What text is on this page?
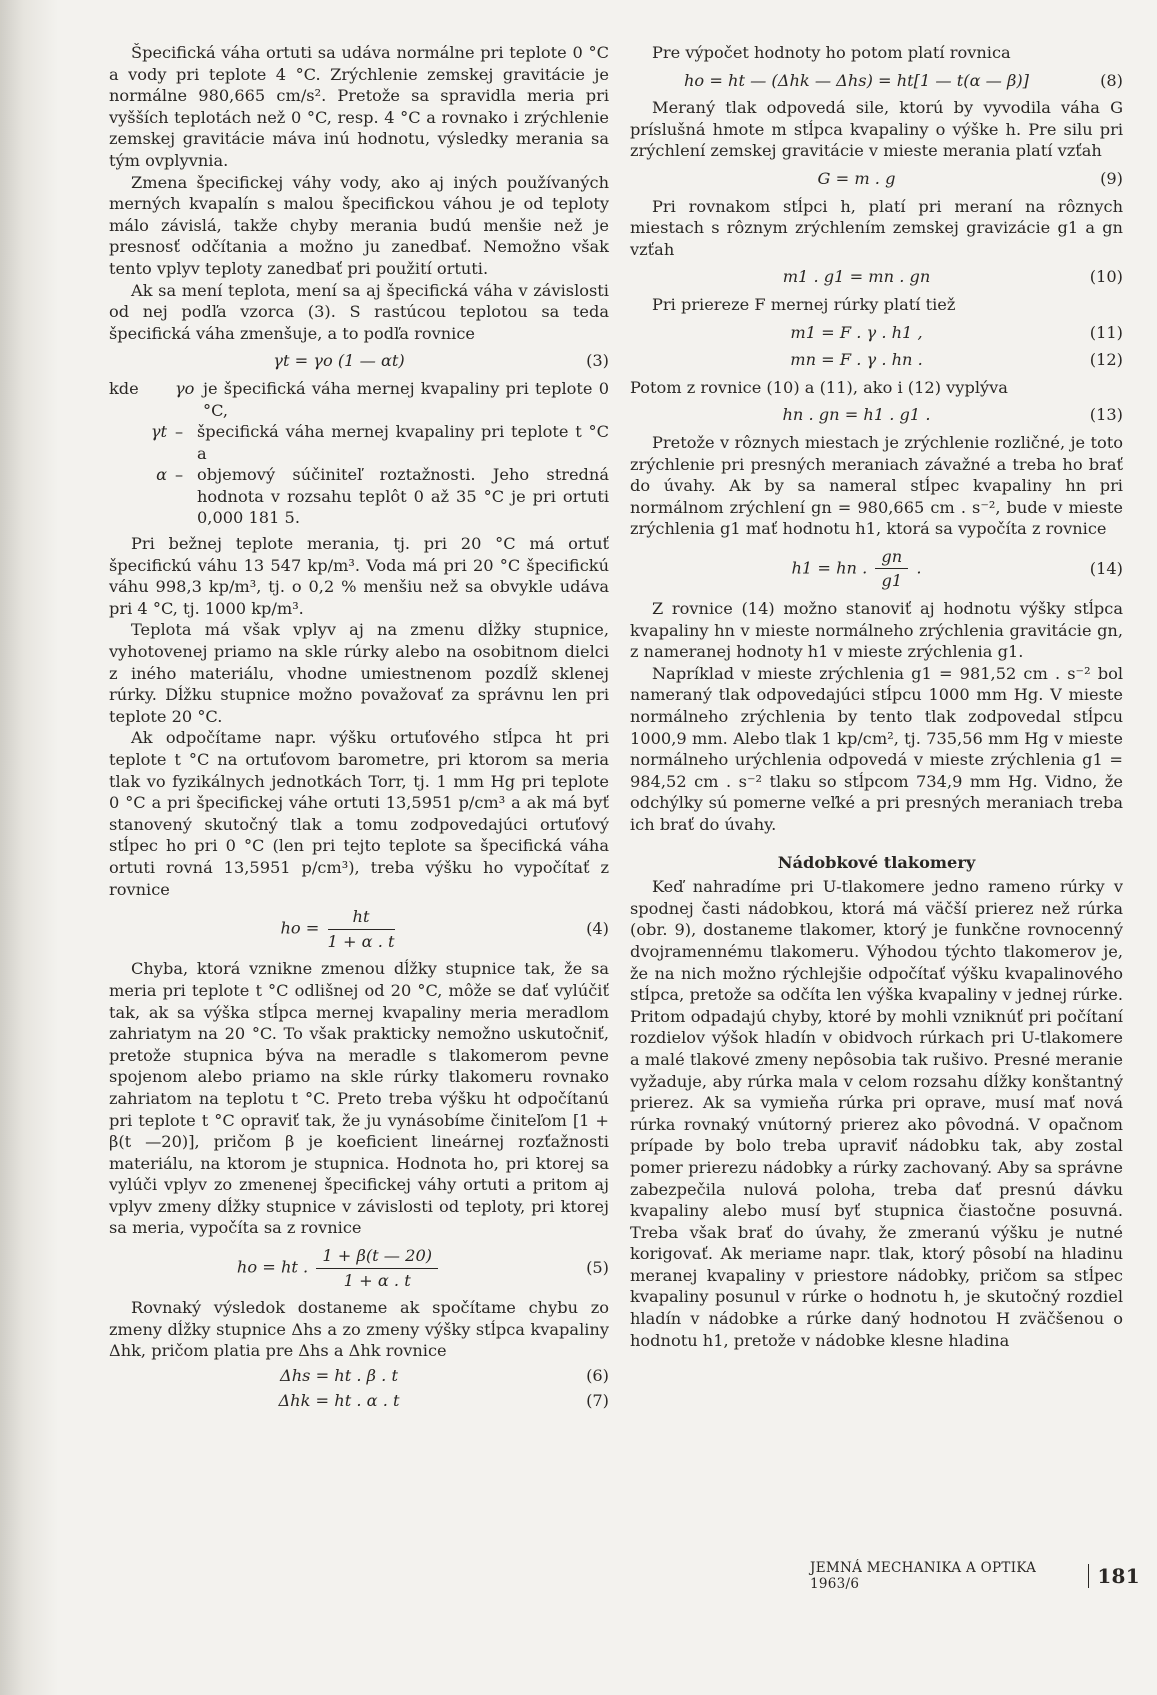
Špecifická váha ortuti sa udáva normálne pri teplote 0 °C a vody pri teplote 4 °C. Zrýchlenie zemskej gravitácie je normálne 980,665 cm/s². Pretože sa spravidla meria pri vyšších teplotách než 0 °C, resp. 4 °C a rovnako i zrýchlenie zemskej gravitácie máva inú hodnotu, výsledky merania sa tým ovplyvnia.

Zmena špecifickej váhy vody, ako aj iných používaných merných kvapalín s malou špecifickou váhou je od teploty málo závislá, takže chyby merania budú menšie než je presnosť odčítania a možno ju zanedbať. Nemožno však tento vplyv teploty zanedbať pri použití ortuti.

Ak sa mení teplota, mení sa aj špecifická váha v závislosti od nej podľa vzorca (3). S rastúcou teplotou sa teda špecifická váha zmenšuje, a to podľa rovnice

γt = γo (1 — αt)	(3)
kde	γo je špecifická váha mernej kvapaliny pri teplote 0 °C,
γt – špecifická váha mernej kvapaliny pri teplote t °C a
α – objemový súčiniteľ roztažnosti. Jeho stredná hodnota v rozsahu teplôt 0 až 35 °C je pri ortuti 0,000 181 5.

Pri bežnej teplote merania, tj. pri 20 °C má ortuť špecifickú váhu 13 547 kp/m³. Voda má pri 20 °C špecifickú váhu 998,3 kp/m³, tj. o 0,2 % menšiu než sa obvykle udáva pri 4 °C, tj. 1000 kp/m³.

Teplota má však vplyv aj na zmenu dĺžky stupnice, vyhotovenej priamo na skle rúrky alebo na osobitnom dielci z iného materiálu, vhodne umiestnenom pozdĺž sklenej rúrky. Dĺžku stupnice možno považovať za správnu len pri teplote 20 °C.

Ak odpočítame napr. výšku ortuťového stĺpca ht pri teplote t °C na ortuťovom barometre, pri ktorom sa meria tlak vo fyzikálnych jednotkách Torr, tj. 1 mm Hg pri teplote 0 °C a pri špecifickej váhe ortuti 13,5951 p/cm³ a ak má byť stanovený skutočný tlak a tomu zodpovedajúci ortuťový stĺpec ho pri 0 °C (len pri tejto teplote sa špecifická váha ortuti rovná 13,5951 p/cm³), treba výšku ho vypočítať z rovnice

ho = $\frac{ht}{1 + \alpha . t}$	(4)

Chyba, ktorá vznikne zmenou dĺžky stupnice tak, že sa meria pri teplote t °C odlišnej od 20 °C, môže se dať vylúčiť tak, ak sa výška stĺpca mernej kvapaliny meria meradlom zahriatym na 20 °C. To však prakticky nemožno uskutočniť, pretože stupnica býva na meradle s tlakomerom pevne spojenom alebo priamo na skle rúrky tlakomeru rovnako zahriatom na teplotu t °C. Preto treba výšku ht odpočítanú pri teplote t °C opraviť tak, že ju vynásobíme činiteľom [1 + β(t —20)], pričom β je koeficient lineárnej rozťažnosti materiálu, na ktorom je stupnica. Hodnota ho, pri ktorej sa vylúči vplyv zo zmenenej špecifickej váhy ortuti a pritom aj vplyv zmeny dĺžky stupnice v závislosti od teploty, pri ktorej sa meria, vypočíta sa z rovnice

ho = ht . $\frac{1 + \beta(t — 20)}{1 + \alpha . t}$	(5)

Rovnaký výsledok dostaneme ak spočítame chybu zo zmeny dĺžky stupnice Δhs a zo zmeny výšky stĺpca kvapaliny Δhk, pričom platia pre Δhs a Δhk rovnice

Δhs = ht . β . t	(6)
Δhk = ht . α . t	(7)

Pre výpočet hodnoty ho potom platí rovnica

ho = ht — (Δhk — Δhs) = ht[1 — t(α — β)]	(8)

Meraný tlak odpovedá sile, ktorú by vyvodila váha G príslušná hmote m stĺpca kvapaliny o výške h. Pre silu pri zrýchlení zemskej gravitácie v mieste merania platí vzťah

G = m . g	(9)

Pri rovnakom stĺpci h, platí pri meraní na rôznych miestach s rôznym zrýchlením zemskej gravizácie g1 a gn vzťah

m1 . g1 = mn . gn	(10)

Pri priereze F mernej rúrky platí tiež

m1 = F . γ . h1 ,	(11)
mn = F . γ . hn .	(12)

Potom z rovnice (10) a (11), ako i (12) vyplýva

hn . gn = h1 . g1 .	(13)

Pretože v rôznych miestach je zrýchlenie rozličné, je toto zrýchlenie pri presných meraniach závažné a treba ho brať do úvahy. Ak by sa nameral stĺpec kvapaliny hn pri normálnom zrýchlení gn = 980,665 cm . s⁻², bude v mieste zrýchlenia g1 mať hodnotu h1, ktorá sa vypočíta z rovnice

h1 = hn . $\frac{gn}{g1}$ .	(14)

Z rovnice (14) možno stanoviť aj hodnotu výšky stĺpca kvapaliny hn v mieste normálneho zrýchlenia gravitácie gn, z nameranej hodnoty h1 v mieste zrýchlenia g1.

Napríklad v mieste zrýchlenia g1 = 981,52 cm . s⁻² bol nameraný tlak odpovedajúci stĺpcu 1000 mm Hg. V mieste normálneho zrýchlenia by tento tlak zodpovedal stĺpcu 1000,9 mm. Alebo tlak 1 kp/cm², tj. 735,56 mm Hg v mieste normálneho urýchlenia odpovedá v mieste zrýchlenia g1 = 984,52 cm . s⁻² tlaku so stĺpcom 734,9 mm Hg. Vidno, že odchýlky sú pomerne veľké a pri presných meraniach treba ich brať do úvahy.

Nádobkové tlakomery

Keď nahradíme pri U-tlakomere jedno rameno rúrky v spodnej časti nádobkou, ktorá má väčší prierez než rúrka (obr. 9), dostaneme tlakomer, ktorý je funkčne rovnocenný dvojramennému tlakomeru. Výhodou týchto tlakomerov je, že na nich možno rýchlejšie odpočítať výšku kvapalinového stĺpca, pretože sa odčíta len výška kvapaliny v jednej rúrke. Pritom odpadajú chyby, ktoré by mohli vzniknúť pri počítaní rozdielov výšok hladín v obidvoch rúrkach pri U-tlakomere a malé tlakové zmeny nepôsobia tak rušivo. Presné meranie vyžaduje, aby rúrka mala v celom rozsahu dĺžky konštantný prierez. Ak sa vymieňa rúrka pri oprave, musí mať nová rúrka rovnaký vnútorný prierez ako pôvodná. V opačnom prípade by bolo treba upraviť nádobku tak, aby zostal pomer prierezu nádobky a rúrky zachovaný. Aby sa správne zabezpečila nulová poloha, treba dať presnú dávku kvapaliny alebo musí byť stupnica čiastočne posuvná. Treba však brať do úvahy, že zmeranú výšku je nutné korigovať. Ak meriame napr. tlak, ktorý pôsobí na hladinu meranej kvapaliny v priestore nádobky, pričom sa stĺpec kvapaliny posunul v rúrke o hodnotu h, je skutočný rozdiel hladín v nádobke a rúrke daný hodnotou H zväčšenou o hodnotu h1, pretože v nádobke klesne hladina

JEMNÁ MECHANIKA A OPTIKA 1963/6	181
